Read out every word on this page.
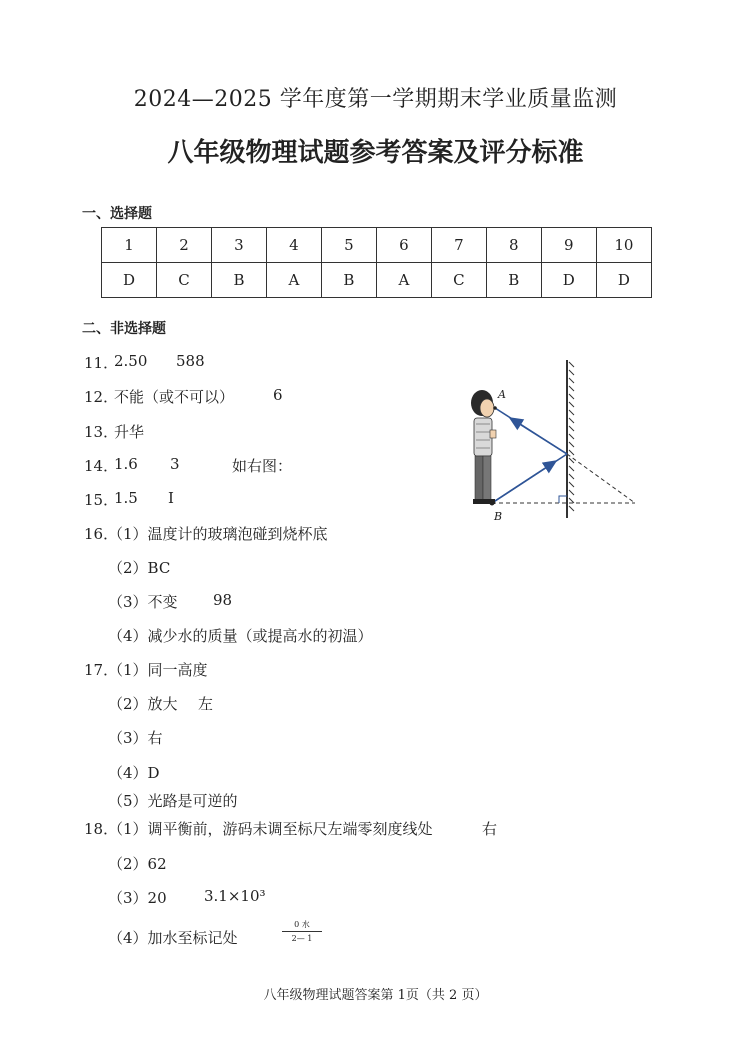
2024—2025 学年度第一学期期末学业质量监测
八年级物理试题参考答案及评分标准
一、选择题
1	2	3	4	5	6	7	8	9	10
D	C	B	A	B	A	C	B	D	D
二、非选择题
11．
2.50 588
12．
不能（或不可以）	6
13．
升华
14．
1.6 3	如右图：
15．
1.5 Ⅰ
16．
（1）温度计的玻璃泡碰到烧杯底
（2）BC
（3）不变 98
（4）减少水的质量（或提高水的初温）
17．
（1）同一高度
（2）放大 左
（3）右
（4）D
（5）光路是可逆的
18．
（1）调平衡前，游码未调至标尺左端零刻度线处	右
（2）62
（3）20 3.1×10³
（4）加水至标记处
0 水
2— 1
A
B
八年级物理试题答案第 1页（共 2 页）
